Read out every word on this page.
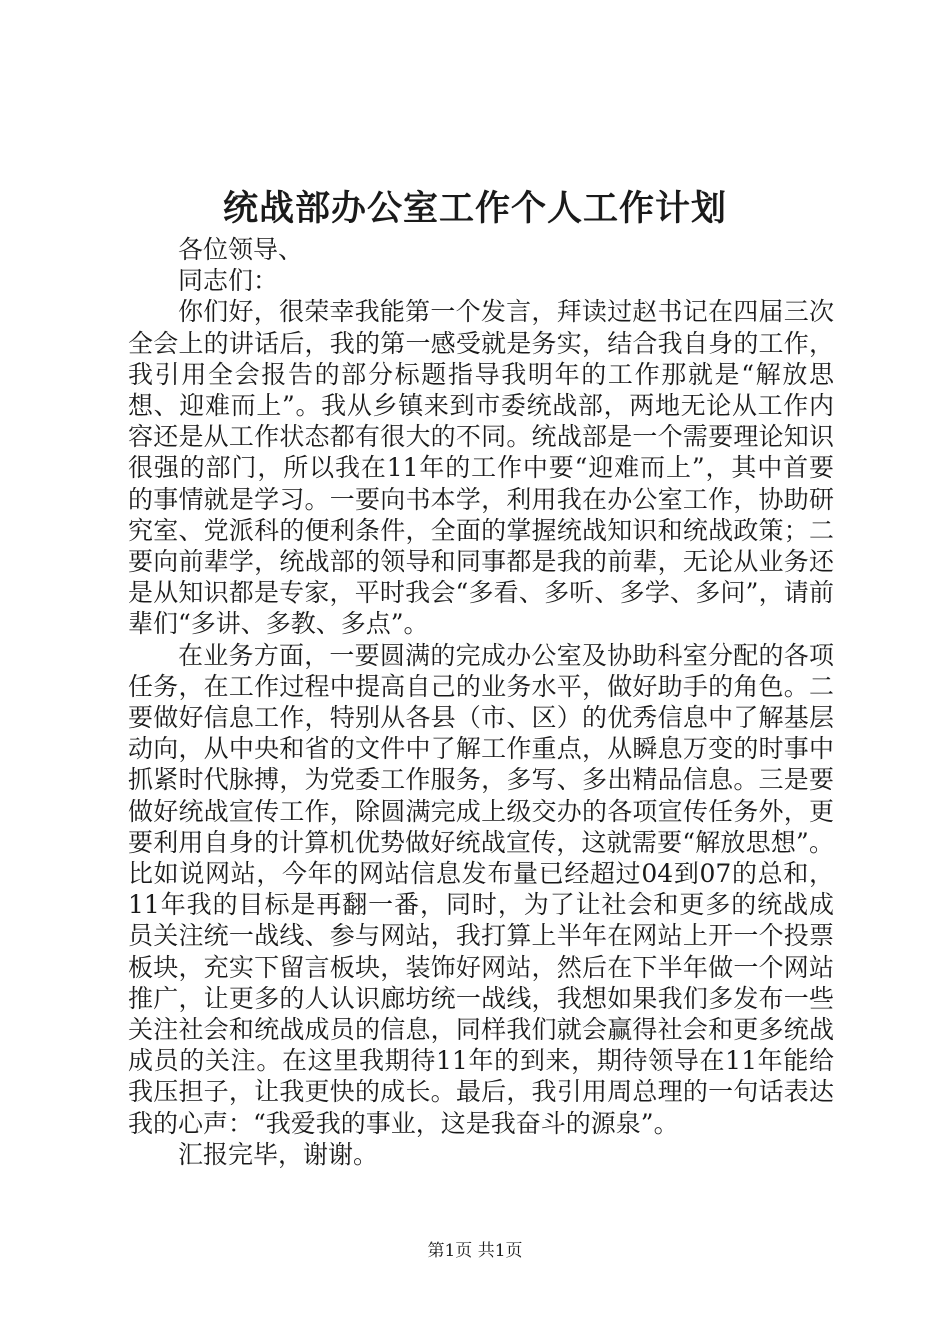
统战部办公室工作个人工作计划

各位领导、

同志们：

你们好，很荣幸我能第一个发言，拜读过赵书记在四届三次全会上的讲话后，我的第一感受就是务实，结合我自身的工作，我引用全会报告的部分标题指导我明年的工作那就是“解放思想、迎难而上”。我从乡镇来到市委统战部，两地无论从工作内容还是从工作状态都有很大的不同。统战部是一个需要理论知识很强的部门，所以我在11年的工作中要“迎难而上”，其中首要的事情就是学习。一要向书本学，利用我在办公室工作，协助研究室、党派科的便利条件，全面的掌握统战知识和统战政策；二要向前辈学，统战部的领导和同事都是我的前辈，无论从业务还是从知识都是专家，平时我会“多看、多听、多学、多问”，请前辈们“多讲、多教、多点”。

在业务方面，一要圆满的完成办公室及协助科室分配的各项任务，在工作过程中提高自己的业务水平，做好助手的角色。二要做好信息工作，特别从各县（市、区）的优秀信息中了解基层动向，从中央和省的文件中了解工作重点，从瞬息万变的时事中抓紧时代脉搏，为党委工作服务，多写、多出精品信息。三是要做好统战宣传工作，除圆满完成上级交办的各项宣传任务外，更要利用自身的计算机优势做好统战宣传，这就需要“解放思想”。比如说网站，今年的网站信息发布量已经超过04到07的总和，11年我的目标是再翻一番，同时，为了让社会和更多的统战成员关注统一战线、参与网站，我打算上半年在网站上开一个投票板块，充实下留言板块，装饰好网站，然后在下半年做一个网站推广，让更多的人认识廊坊统一战线，我想如果我们多发布一些关注社会和统战成员的信息，同样我们就会赢得社会和更多统战成员的关注。在这里我期待11年的到来，期待领导在11年能给我压担子，让我更快的成长。最后，我引用周总理的一句话表达我的心声：“我爱我的事业，这是我奋斗的源泉”。

汇报完毕，谢谢。

第1页 共1页
